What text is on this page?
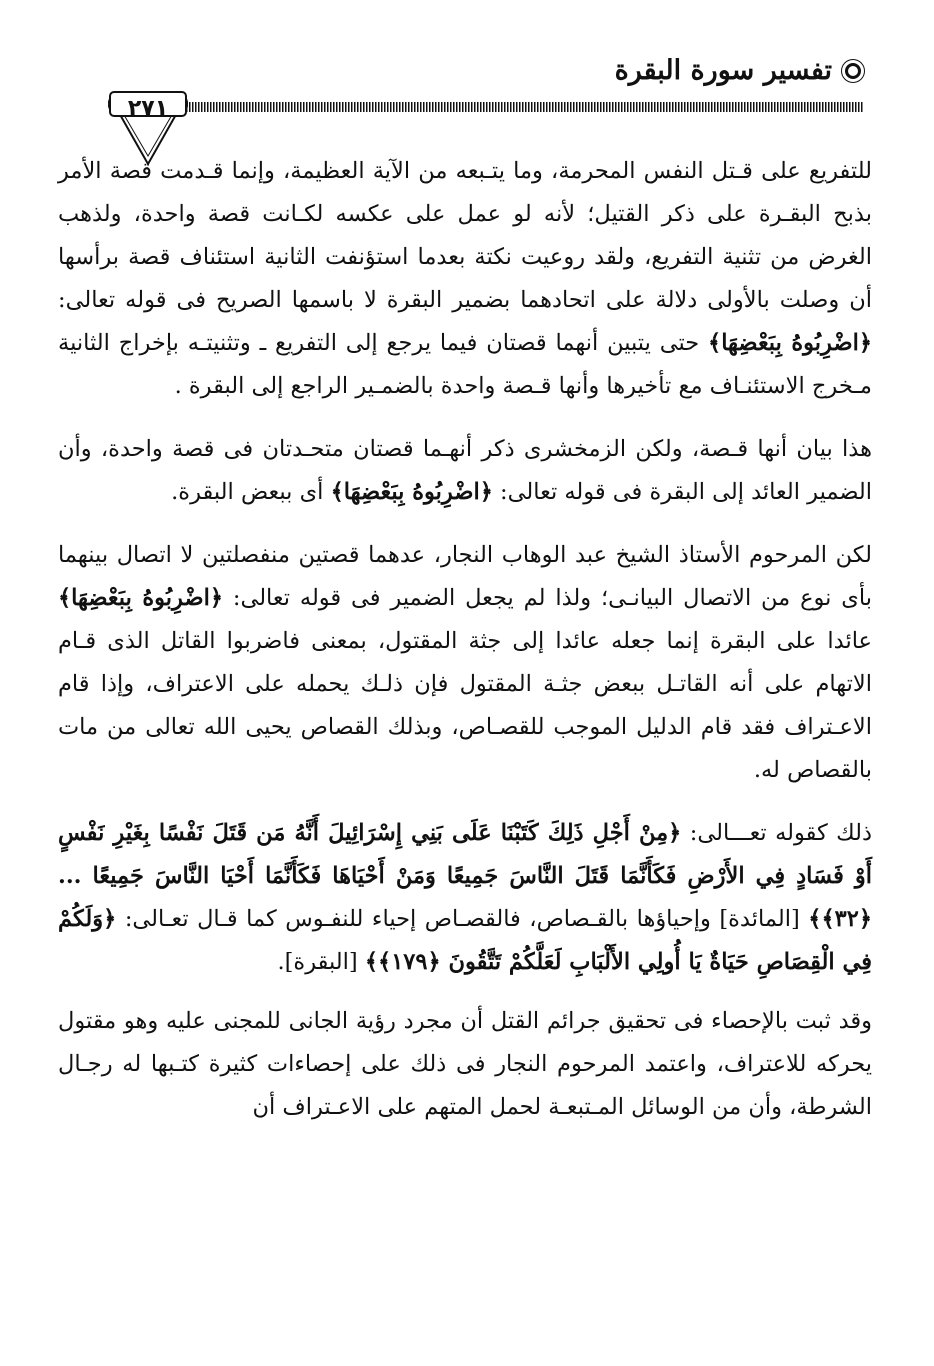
تفسير سورة البقرة
٢٧١

للتفريع على قـتل النفس المحرمة، وما يتـبعه من الآية العظيمة، وإنما قـدمت قصة الأمر بذبح البقـرة على ذكر القتيل؛ لأنه لو عمل على عكسه لكـانت قصة واحدة، ولذهب الغرض من تثنية التفريع، ولقد روعيت نكتة بعدما استؤنفت الثانية استئناف قصة برأسها أن وصلت بالأولى دلالة على اتحادهما بضمير البقرة لا باسمها الصريح فى قوله تعالى: ﴿اضْرِبُوهُ بِبَعْضِهَا﴾ حتى يتبين أنهما قصتان فيما يرجع إلى التفريع ـ وتثنيتـه بإخراج الثانية مـخرج الاستئنـاف مع تأخيرها وأنها قـصة واحدة بالضمـير الراجع إلى البقرة .

هذا بيان أنها قـصة، ولكن الزمخشرى ذكر أنهـما قصتان متحـدتان فى قصة واحدة، وأن الضمير العائد إلى البقرة فى قوله تعالى: ﴿اضْرِبُوهُ بِبَعْضِهَا﴾ أى ببعض البقرة.

لكن المرحوم الأستاذ الشيخ عبد الوهاب النجار، عدهما قصتين منفصلتين لا اتصال بينهما بأى نوع من الاتصال البيانـى؛ ولذا لم يجعل الضمير فى قوله تعالى: ﴿اضْرِبُوهُ بِبَعْضِهَا﴾ عائدا على البقرة إنما جعله عائدا إلى جثة المقتول، بمعنى فاضربوا القاتل الذى قـام الاتهام على أنه القاتـل ببعض جثـة المقتول فإن ذلـك يحمله على الاعتراف، وإذا قام الاعـتراف فقد قام الدليل الموجب للقصـاص، وبذلك القصاص يحيى الله تعالى من مات بالقصاص له.

ذلك كقوله تعـــالى: ﴿مِنْ أَجْلِ ذَلِكَ كَتَبْنَا عَلَى بَنِي إِسْرَائِيلَ أَنَّهُ مَن قَتَلَ نَفْسًا بِغَيْرِ نَفْسٍ أَوْ فَسَادٍ فِي الأَرْضِ فَكَأَنَّمَا قَتَلَ النَّاسَ جَمِيعًا وَمَنْ أَحْيَاهَا فَكَأَنَّمَا أَحْيَا النَّاسَ جَمِيعًا ... ﴿٣٢﴾﴾ [المائدة] وإحياؤها بالقـصاص، فالقصـاص إحياء للنفـوس كما قـال تعـالى: ﴿وَلَكُمْ فِي الْقِصَاصِ حَيَاةٌ يَا أُولِي الأَلْبَابِ لَعَلَّكُمْ تَتَّقُونَ ﴿١٧٩﴾﴾ [البقرة].

وقد ثبت بالإحصاء فى تحقيق جرائم القتل أن مجرد رؤية الجانى للمجنى عليه وهو مقتول يحركه للاعتراف، واعتمد المرحوم النجار فى ذلك على إحصاءات كثيرة كتـبها له رجـال الشرطة، وأن من الوسائل المـتبعـة لحمل المتهم على الاعـتراف أن
